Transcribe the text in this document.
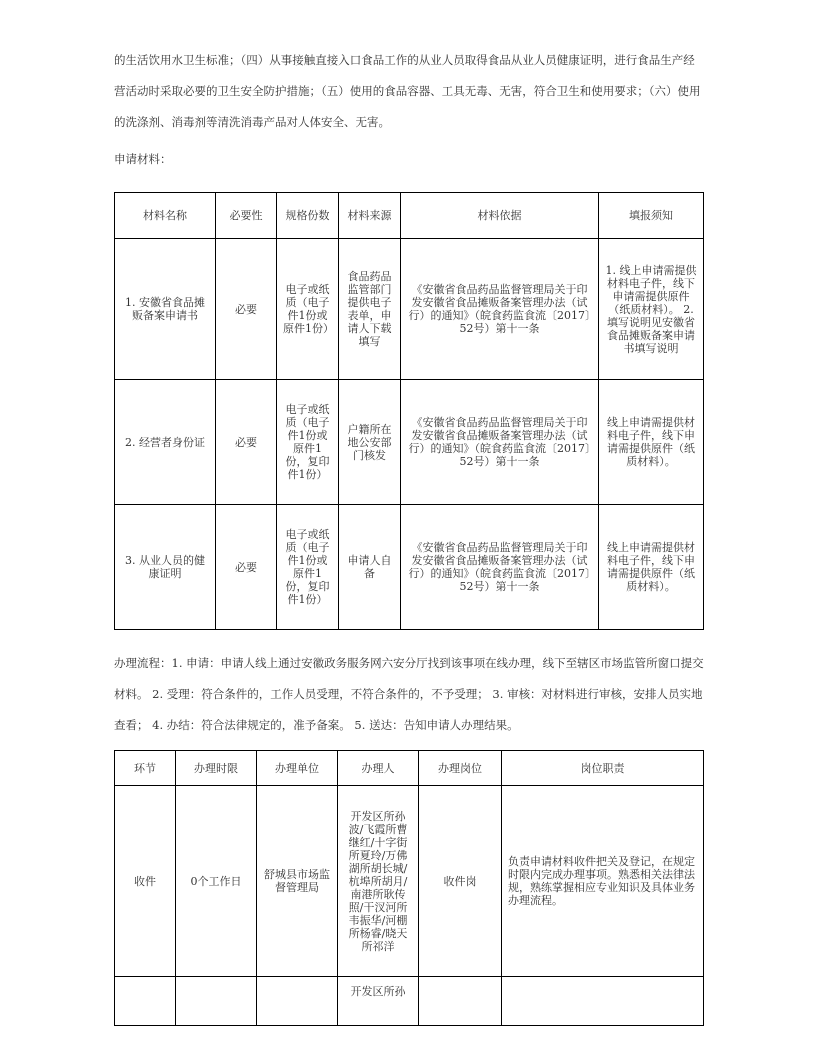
的生活饮用水卫生标准；（四）从事接触直接入口食品工作的从业人员取得食品从业人员健康证明，进行食品生产经营活动时采取必要的卫生安全防护措施；（五）使用的食品容器、工具无毒、无害，符合卫生和使用要求；（六）使用的洗涤剂、消毒剂等清洗消毒产品对人体安全、无害。

申请材料：

材料名称	必要性	规格份数	材料来源	材料依据	填报须知
1. 安徽省食品摊贩备案申请书	必要	电子或纸质（电子件1份或原件1份）	食品药品监管部门提供电子表单，申请人下载填写	《安徽省食品药品监督管理局关于印发安徽省食品摊贩备案管理办法（试行）的通知》（皖食药监食流〔2017〕52号）第十一条	1. 线上申请需提供材料电子件，线下申请需提供原件（纸质材料）。 2. 填写说明见安徽省食品摊贩备案申请书填写说明
2. 经营者身份证	必要	电子或纸质（电子件1份或原件1份，复印件1份）	户籍所在地公安部门核发	《安徽省食品药品监督管理局关于印发安徽省食品摊贩备案管理办法（试行）的通知》（皖食药监食流〔2017〕52号）第十一条	线上申请需提供材料电子件，线下申请需提供原件（纸质材料）。
3. 从业人员的健康证明	必要	电子或纸质（电子件1份或原件1份，复印件1份）	申请人自备	《安徽省食品药品监督管理局关于印发安徽省食品摊贩备案管理办法（试行）的通知》（皖食药监食流〔2017〕52号）第十一条	线上申请需提供材料电子件，线下申请需提供原件（纸质材料）。

办理流程：1. 申请：申请人线上通过安徽政务服务网六安分厅找到该事项在线办理，线下至辖区市场监管所窗口提交材料。 2. 受理：符合条件的，工作人员受理，不符合条件的，不予受理； 3. 审核：对材料进行审核，安排人员实地查看； 4. 办结：符合法律规定的，准予备案。 5. 送达：告知申请人办理结果。

环节	办理时限	办理单位	办理人	办理岗位	岗位职责
收件	0个工作日	舒城县市场监督管理局	开发区所孙波/飞霞所曹继红/十字街所夏玲/万佛湖所胡长城/杭埠所胡月/南港所耿传照/干汊河所韦振华/河棚所杨睿/晓天所祁洋	收件岗	负责申请材料收件把关及登记，在规定时限内完成办理事项。熟悉相关法律法规，熟练掌握相应专业知识及具体业务办理流程。
			开发区所孙		
